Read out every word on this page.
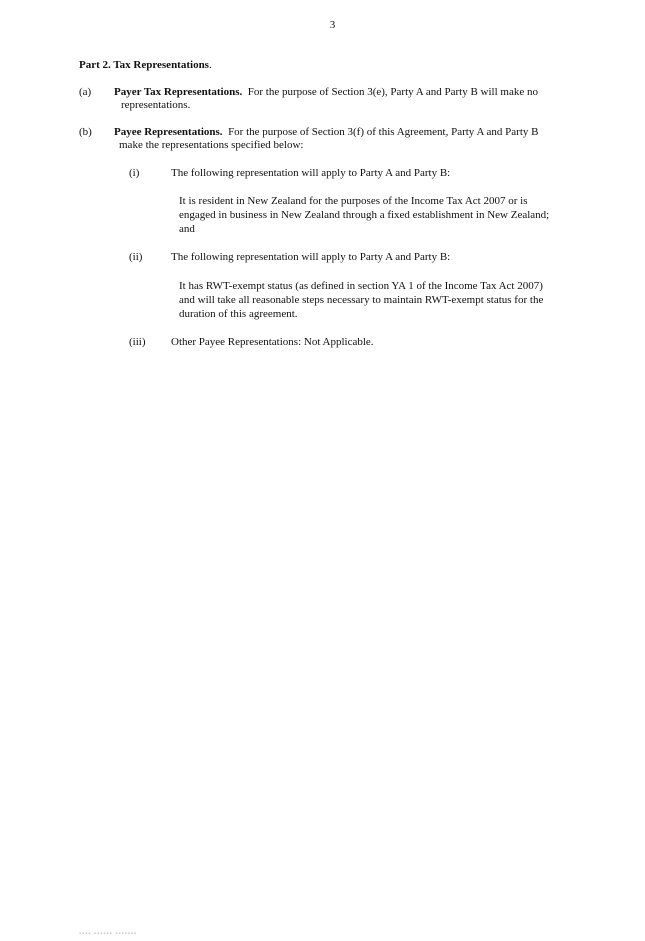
3
Part 2. Tax Representations.
(a) Payer Tax Representations.  For the purpose of Section 3(e), Party A and Party B will make no
representations.
(b) Payee Representations.  For the purpose of Section 3(f) of this Agreement, Party A and Party B
make the representations specified below:
(i)	The following representation will apply to Party A and Party B:
It is resident in New Zealand for the purposes of the Income Tax Act 2007 or is
engaged in business in New Zealand through a fixed establishment in New Zealand;
and
(ii)	The following representation will apply to Party A and Party B:
It has RWT-exempt status (as defined in section YA 1 of the Income Tax Act 2007)
and will take all reasonable steps necessary to maintain RWT-exempt status for the
duration of this agreement.
(iii) Other Payee Representations: Not Applicable.
▪▪▪▪ ▪▪▪▪▪▪ ▪▪▪▪▪▪▪
